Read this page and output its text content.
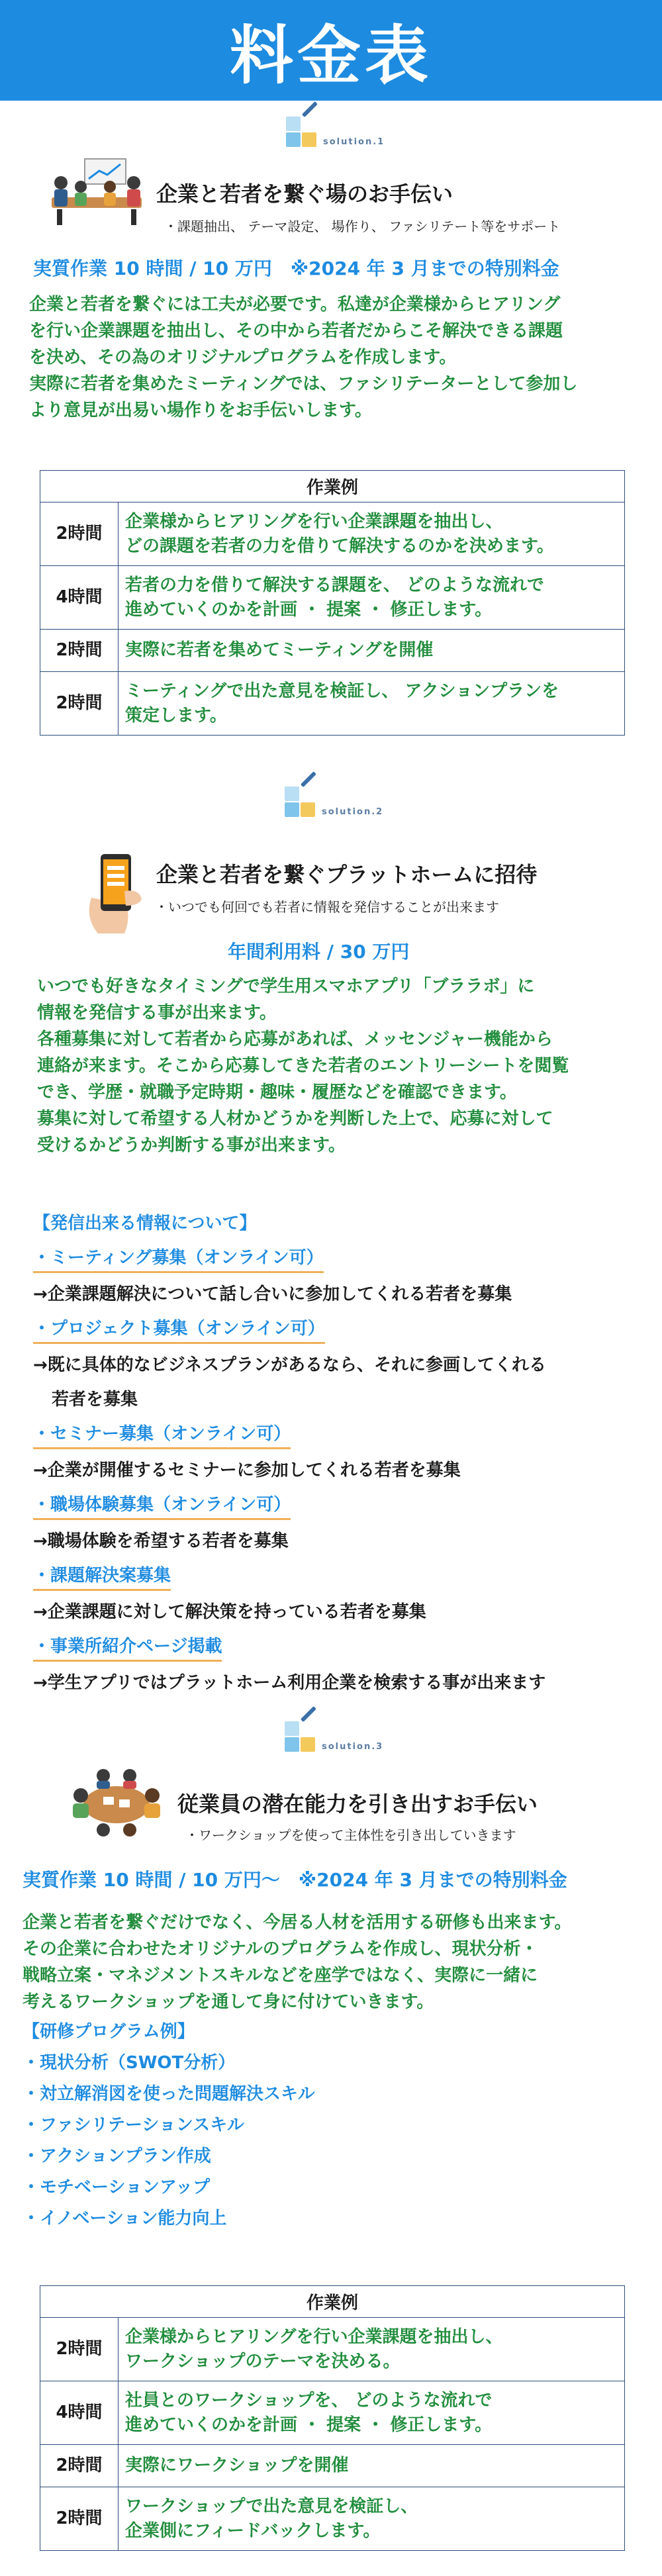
料金表
solution.1
企業と若者を繋ぐ場のお手伝い
・課題抽出、 テーマ設定、 場作り、 ファシリテート等をサポート
実質作業 10 時間 / 10 万円　※2024 年 3 月までの特別料金
企業と若者を繋ぐには工夫が必要です。私達が企業様からヒアリング
を行い企業課題を抽出し、その中から若者だからこそ解決できる課題
を決め、その為のオリジナルプログラムを作成します。
実際に若者を集めたミーティングでは、ファシリテーターとして参加し
より意見が出易い場作りをお手伝いします。
作業例	
2時間	企業様からヒアリングを行い企業課題を抽出し、
どの課題を若者の力を借りて解決するのかを決めます。

4時間	若者の力を借りて解決する課題を、 どのような流れで
進めていくのかを計画 ・ 提案 ・ 修正します。

2時間	実際に若者を集めてミーティングを開催

2時間	ミーティングで出た意見を検証し、 アクションプランを
策定します。
solution.2
企業と若者を繋ぐプラットホームに招待
・いつでも何回でも若者に情報を発信することが出来ます
年間利用料 / 30 万円
いつでも好きなタイミングで学生用スマホアプリ「ブララボ」に
情報を発信する事が出来ます。
各種募集に対して若者から応募があれば、メッセンジャー機能から
連絡が来ます。そこから応募してきた若者のエントリーシートを閲覧
でき、学歴・就職予定時期・趣味・履歴などを確認できます。
募集に対して希望する人材かどうかを判断した上で、応募に対して
受けるかどうか判断する事が出来ます。
【発信出来る情報について】
・ミーティング募集（オンライン可）
→企業課題解決について話し合いに参加してくれる若者を募集
・プロジェクト募集（オンライン可）
→既に具体的なビジネスプランがあるなら、それに参画してくれる
若者を募集
・セミナー募集（オンライン可）
→企業が開催するセミナーに参加してくれる若者を募集
・職場体験募集（オンライン可）
→職場体験を希望する若者を募集
・課題解決案募集
→企業課題に対して解決策を持っている若者を募集
・事業所紹介ページ掲載
→学生アプリではプラットホーム利用企業を検索する事が出来ます
solution.3
従業員の潜在能力を引き出すお手伝い
・ワークショップを使って主体性を引き出していきます
実質作業 10 時間 / 10 万円～　※2024 年 3 月までの特別料金
企業と若者を繋ぐだけでなく、今居る人材を活用する研修も出来ます。
その企業に合わせたオリジナルのプログラムを作成し、現状分析・
戦略立案・マネジメントスキルなどを座学ではなく、実際に一緒に
考えるワークショップを通して身に付けていきます。
【研修プログラム例】
・現状分析（SWOT分析）
・対立解消図を使った問題解決スキル
・ファシリテーションスキル
・アクションプラン作成
・モチベーションアップ
・イノベーション能力向上
作業例	
2時間	企業様からヒアリングを行い企業課題を抽出し、
ワークショップのテーマを決める。

4時間	社員とのワークショップを、 どのような流れで
進めていくのかを計画 ・ 提案 ・ 修正します。

2時間	実際にワークショップを開催

2時間	ワークショップで出た意見を検証し、
企業側にフィードバックします。
